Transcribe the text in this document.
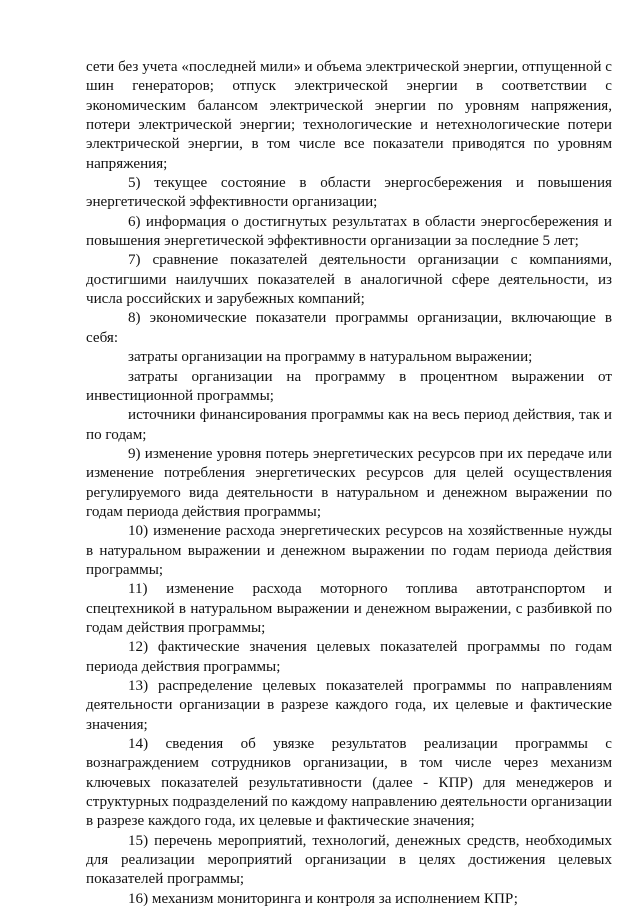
сети без учета «последней мили» и объема электрической энергии, отпущенной с шин генераторов; отпуск электрической энергии в соответствии с экономическим балансом электрической энергии по уровням напряжения, потери электрической энергии; технологические и нетехнологические потери электрической энергии, в том числе все показатели приводятся по уровням напряжения;

5) текущее состояние в области энергосбережения и повышения энергетической эффективности организации;

6) информация о достигнутых результатах в области энергосбережения и повышения энергетической эффективности организации за последние 5 лет;

7) сравнение показателей деятельности организации с компаниями, достигшими наилучших показателей в аналогичной сфере деятельности, из числа российских и зарубежных компаний;

8) экономические показатели программы организации, включающие в себя:

затраты организации на программу в натуральном выражении;

затраты организации на программу в процентном выражении от инвестиционной программы;

источники финансирования программы как на весь период действия, так и по годам;

9) изменение уровня потерь энергетических ресурсов при их передаче или изменение потребления энергетических ресурсов для целей осуществления регулируемого вида деятельности в натуральном и денежном выражении по годам периода действия программы;

10) изменение расхода энергетических ресурсов на хозяйственные нужды в натуральном выражении и денежном выражении по годам периода действия программы;

11) изменение расхода моторного топлива автотранспортом и спецтехникой в натуральном выражении и денежном выражении, с разбивкой по годам действия программы;

12) фактические значения целевых показателей программы по годам периода действия программы;

13) распределение целевых показателей программы по направлениям деятельности организации в разрезе каждого года, их целевые и фактические значения;

14) сведения об увязке результатов реализации программы с вознаграждением сотрудников организации, в том числе через механизм ключевых показателей результативности (далее - КПР) для менеджеров и структурных подразделений по каждому направлению деятельности организации в разрезе каждого года, их целевые и фактические значения;

15) перечень мероприятий, технологий, денежных средств, необходимых для реализации мероприятий организации в целях достижения целевых показателей программы;

16) механизм мониторинга и контроля за исполнением КПР;
